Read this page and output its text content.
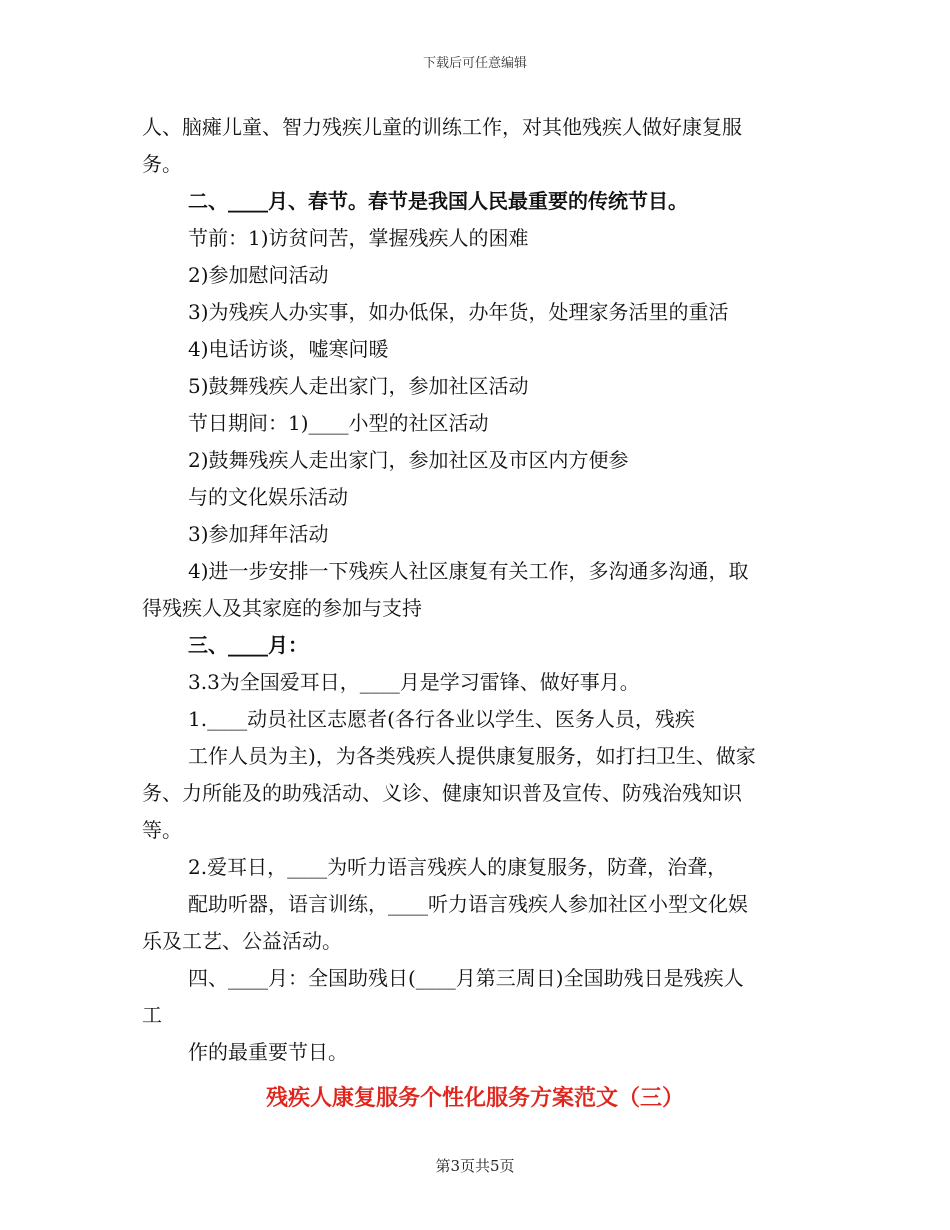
下载后可任意编辑
人、脑瘫儿童、智力残疾儿童的训练工作，对其他残疾人做好康复服
务。
二、____月、春节。春节是我国人民最重要的传统节目。
节前：1)访贫问苦，掌握残疾人的困难
2)参加慰问活动
3)为残疾人办实事，如办低保，办年货，处理家务活里的重活
4)电话访谈，嘘寒问暖
5)鼓舞残疾人走出家门，参加社区活动
节日期间：1)____小型的社区活动
2)鼓舞残疾人走出家门，参加社区及市区内方便参
与的文化娱乐活动
3)参加拜年活动
4)进一步安排一下残疾人社区康复有关工作，多沟通多沟通，取
得残疾人及其家庭的参加与支持
三、____月：
3.3为全国爱耳日，____月是学习雷锋、做好事月。
1.____动员社区志愿者(各行各业以学生、医务人员，残疾
工作人员为主)，为各类残疾人提供康复服务，如打扫卫生、做家
务、力所能及的助残活动、义诊、健康知识普及宣传、防残治残知识
等。
2.爱耳日，____为听力语言残疾人的康复服务，防聋，治聋，
配助听器，语言训练，____听力语言残疾人参加社区小型文化娱
乐及工艺、公益活动。
四、____月：全国助残日(____月第三周日)全国助残日是残疾人
工
作的最重要节日。
残疾人康复服务个性化服务方案范文（三）
第3页共5页
